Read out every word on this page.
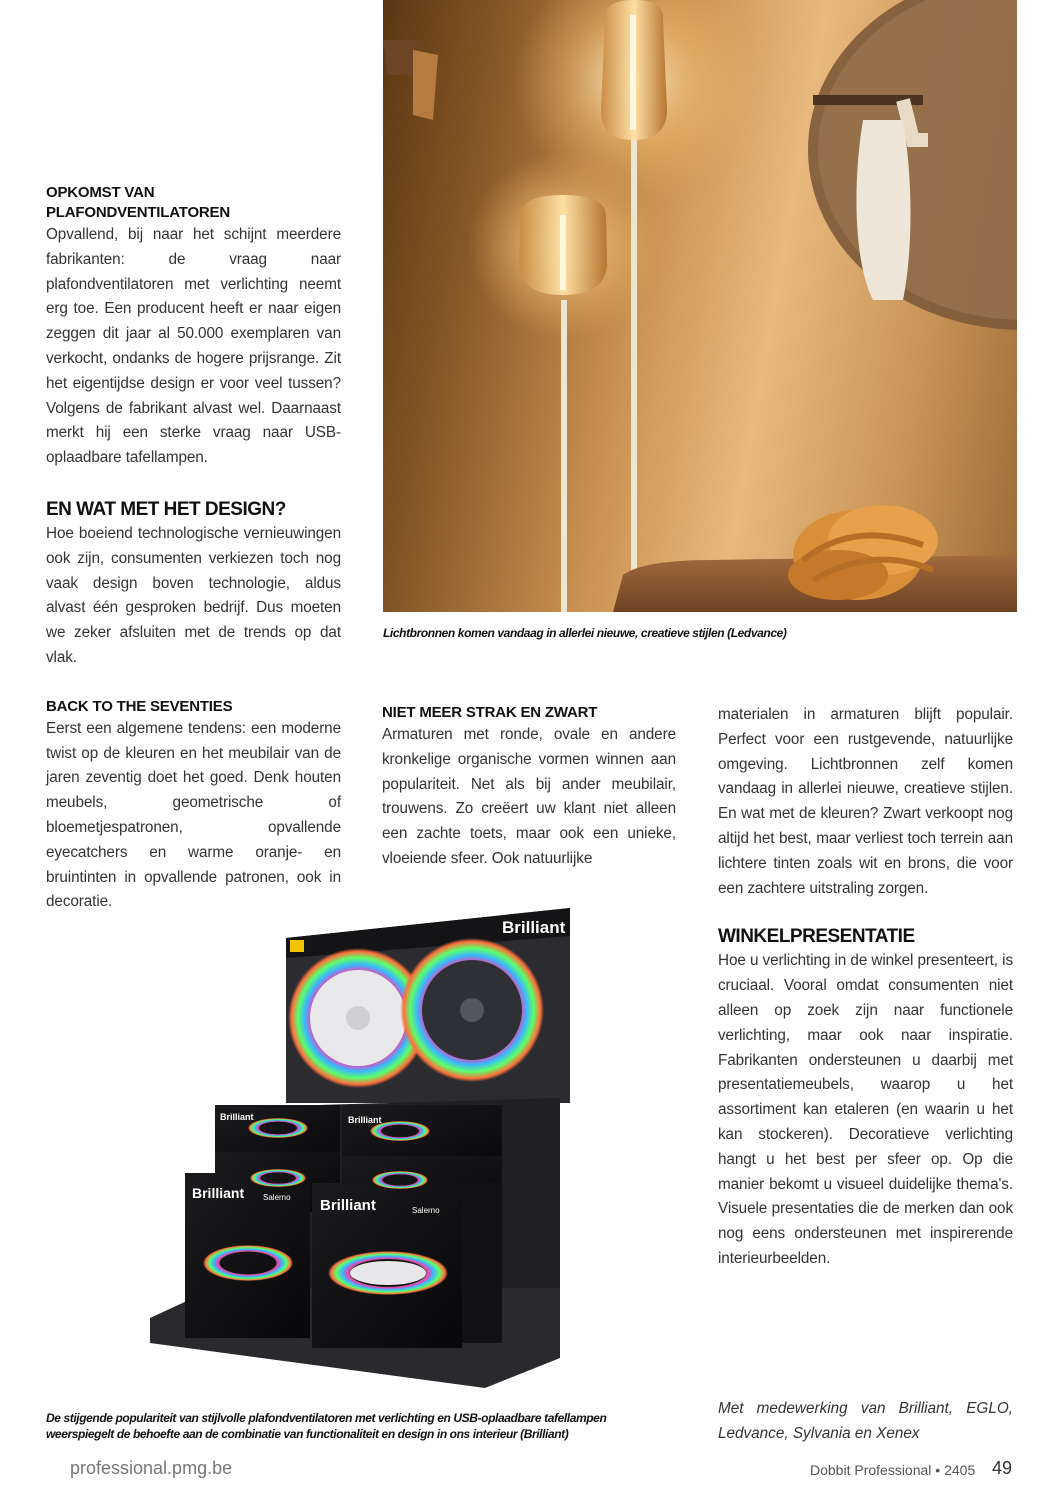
OPKOMST VAN PLAFONDVENTILATOREN

Opvallend, bij naar het schijnt meerdere fabrikanten: de vraag naar plafondventilatoren met verlichting neemt erg toe. Een producent heeft er naar eigen zeggen dit jaar al 50.000 exemplaren van verkocht, ondanks de hogere prijsrange. Zit het eigentijdse design er voor veel tussen? Volgens de fabrikant alvast wel. Daarnaast merkt hij een sterke vraag naar USB-oplaadbare tafellampen.

EN WAT MET HET DESIGN?

Hoe boeiend technologische vernieuwingen ook zijn, consumenten verkiezen toch nog vaak design boven technologie, aldus alvast één gesproken bedrijf. Dus moeten we zeker afsluiten met de trends op dat vlak.

BACK TO THE SEVENTIES

Eerst een algemene tendens: een moderne twist op de kleuren en het meubilair van de jaren zeventig doet het goed. Denk houten meubels, geometrische of bloemetjespatronen, opvallende eyecatchers en warme oranje- en bruintinten in opvallende patronen, ook in decoratie.

Lichtbronnen komen vandaag in allerlei nieuwe, creatieve stijlen (Ledvance)
NIET MEER STRAK EN ZWART

Armaturen met ronde, ovale en andere kronkelige organische vormen winnen aan populariteit. Net als bij ander meubilair, trouwens. Zo creëert uw klant niet alleen een zachte toets, maar ook een unieke, vloeiende sfeer. Ook natuurlijke

materialen in armaturen blijft populair. Perfect voor een rustgevende, natuurlijke omgeving. Lichtbronnen zelf komen vandaag in allerlei nieuwe, creatieve stijlen. En wat met de kleuren? Zwart verkoopt nog altijd het best, maar verliest toch terrein aan lichtere tinten zoals wit en brons, die voor een zachtere uitstraling zorgen.

WINKELPRESENTATIE

Hoe u verlichting in de winkel presenteert, is cruciaal. Vooral omdat consumenten niet alleen op zoek zijn naar functionele verlichting, maar ook naar inspiratie. Fabrikanten ondersteunen u daarbij met presentatiemeubels, waarop u het assortiment kan etaleren (en waarin u het kan stockeren). Decoratieve verlichting hangt u het best per sfeer op. Op die manier bekomt u visueel duidelijke thema's. Visuele presentaties die de merken dan ook nog eens ondersteunen met inspirerende interieurbeelden.

Met medewerking van Brilliant, EGLO, Ledvance, Sylvania en Xenex
Brilliant
Brilliant
Brilliant
Salerno
Salerno
Brilliant	Brilliant
De stijgende populariteit van stijlvolle plafondventilatoren met verlichting en USB-oplaadbare tafellampen
weerspiegelt de behoefte aan de combinatie van functionaliteit en design in ons interieur (Brilliant)
professional.pmg.be	Dobbit Professional • 2405 49
